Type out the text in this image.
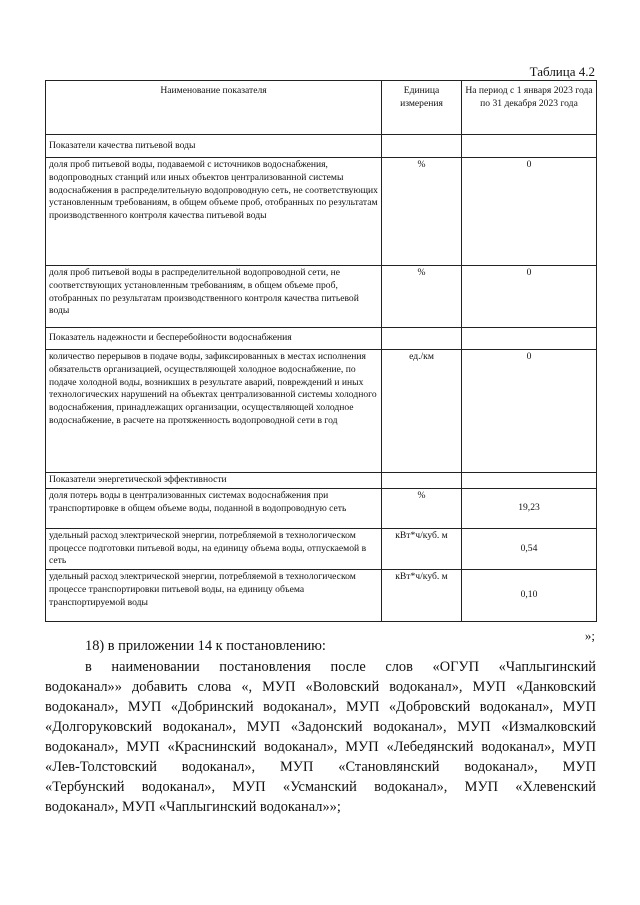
Таблица 4.2
Наименование показателя	Единица измерения	На период с 1 января 2023 года по 31 декабря 2023 года
Показатели качества питьевой воды		
доля проб питьевой воды, подаваемой с источников водоснабжения, водопроводных станций или иных объектов централизованной системы водоснабжения в распределительную водопроводную сеть, не соответствующих установленным требованиям, в общем объеме проб, отобранных по результатам производственного контроля качества питьевой воды	%	0
доля проб питьевой воды в распределительной водопроводной сети, не соответствующих установленным требованиям, в общем объеме проб, отобранных по результатам производственного контроля качества питьевой воды	%	0
Показатель надежности и бесперебойности водоснабжения		
количество перерывов в подаче воды, зафиксированных в местах исполнения обязательств организацией, осуществляющей холодное водоснабжение, по подаче холодной воды, возникших в результате аварий, повреждений и иных технологических нарушений на объектах централизованной системы холодного водоснабжения, принадлежащих организации, осуществляющей холодное водоснабжение, в расчете на протяженность водопроводной сети в год	ед./км	0
Показатели энергетической эффективности		
доля потерь воды в централизованных системах водоснабжения при транспортировке в общем объеме воды, поданной в водопроводную сеть	%	19,23
удельный расход электрической энергии, потребляемой в технологическом процессе подготовки питьевой воды, на единицу объема воды, отпускаемой в сеть	кВт*ч/куб. м	0,54
удельный расход электрической энергии, потребляемой в технологическом процессе транспортировки питьевой воды, на единицу объема транспортируемой воды	кВт*ч/куб. м	0,10
»;
18) в приложении 14 к постановлению:
в наименовании постановления после слов «ОГУП «Чаплыгинский
водоканал»» добавить слова «, МУП «Воловский водоканал», МУП «Данковский
водоканал», МУП «Добринский водоканал», МУП «Добровский водоканал», МУП
«Долгоруковский водоканал», МУП «Задонский водоканал», МУП «Измалковский
водоканал», МУП «Краснинский водоканал», МУП «Лебедянский водоканал», МУП
«Лев-Толстовский водоканал», МУП «Становлянский водоканал», МУП
«Тербунский водоканал», МУП «Усманский водоканал», МУП «Хлевенский
водоканал», МУП «Чаплыгинский водоканал»»;
